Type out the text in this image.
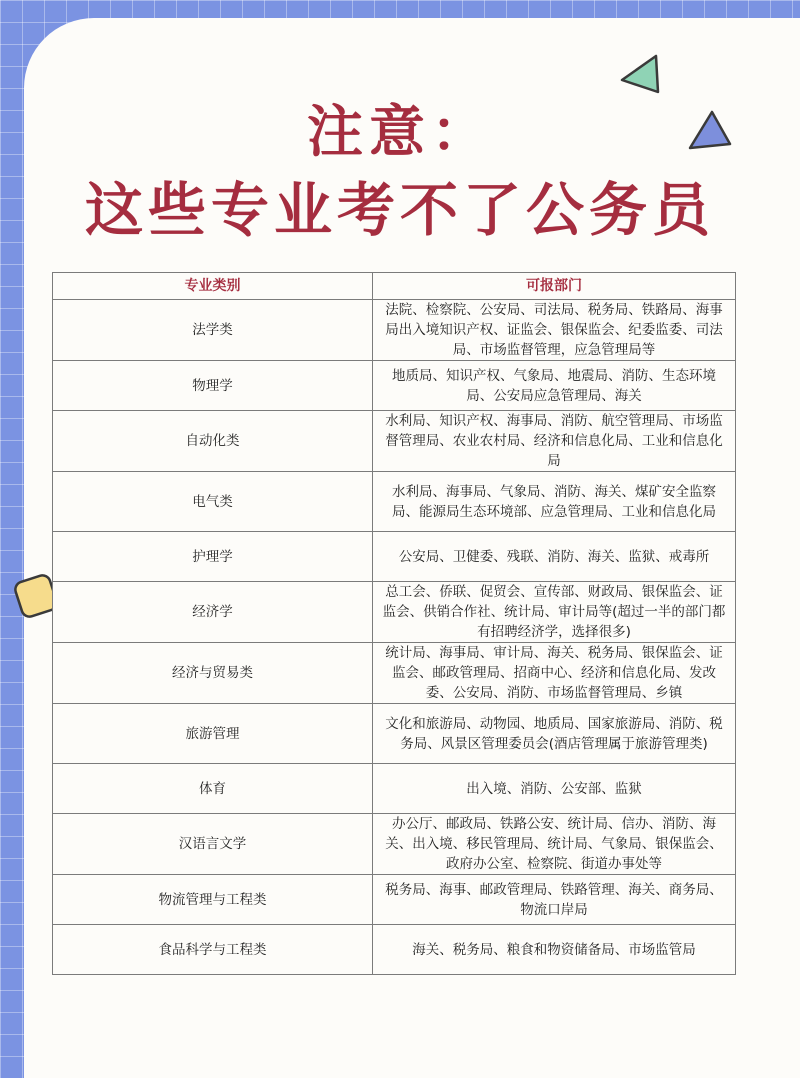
注意：
这些专业考不了公务员
专业类别	可报部门
法学类	法院、检察院、公安局、司法局、税务局、铁路局、海事局出入境知识产权、证监会、银保监会、纪委监委、司法局、市场监督管理，应急管理局等
物理学	地质局、知识产权、气象局、地震局、消防、生态环境局、公安局应急管理局、海关
自动化类	水利局、知识产权、海事局、消防、航空管理局、市场监督管理局、农业农村局、经济和信息化局、工业和信息化局
电气类	水利局、海事局、气象局、消防、海关、煤矿安全监察局、能源局生态环境部、应急管理局、工业和信息化局
护理学	公安局、卫健委、残联、消防、海关、监狱、戒毒所
经济学	总工会、侨联、促贸会、宣传部、财政局、银保监会、证监会、供销合作社、统计局、审计局等(超过一半的部门都有招聘经济学，选择很多)
经济与贸易类	统计局、海事局、审计局、海关、税务局、银保监会、证监会、邮政管理局、招商中心、经济和信息化局、发改委、公安局、消防、市场监督管理局、乡镇
旅游管理	文化和旅游局、动物园、地质局、国家旅游局、消防、税务局、风景区管理委员会(酒店管理属于旅游管理类)
体育	出入境、消防、公安部、监狱
汉语言文学	办公厅、邮政局、铁路公安、统计局、信办、消防、海关、出入境、移民管理局、统计局、气象局、银保监会、政府办公室、检察院、街道办事处等
物流管理与工程类	税务局、海事、邮政管理局、铁路管理、海关、商务局、物流口岸局
食品科学与工程类	海关、税务局、粮食和物资储备局、市场监管局
